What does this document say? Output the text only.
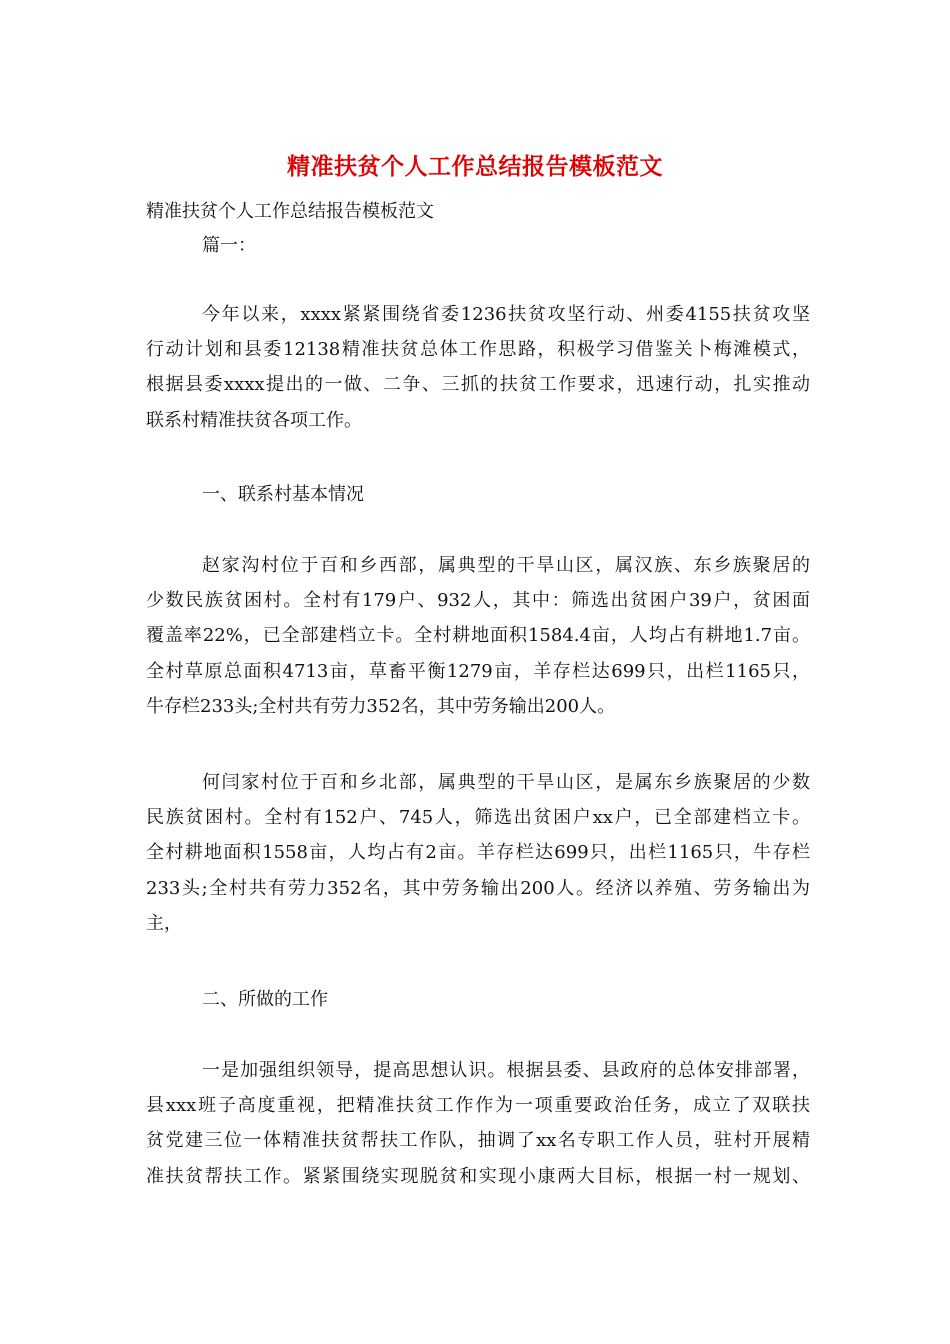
精准扶贫个人工作总结报告模板范文
精准扶贫个人工作总结报告模板范文
篇一：
今年以来，xxxx紧紧围绕省委1236扶贫攻坚行动、州委4155扶贫攻坚
行动计划和县委12138精准扶贫总体工作思路，积极学习借鉴关卜梅滩模式，
根据县委xxxx提出的一做、二争、三抓的扶贫工作要求，迅速行动，扎实推动
联系村精准扶贫各项工作。
一、联系村基本情况
赵家沟村位于百和乡西部，属典型的干旱山区，属汉族、东乡族聚居的
少数民族贫困村。全村有179户、932人，其中：筛选出贫困户39户，贫困面
覆盖率22%，已全部建档立卡。全村耕地面积1584.4亩，人均占有耕地1.7亩。
全村草原总面积4713亩，草畜平衡1279亩，羊存栏达699只，出栏1165只，
牛存栏233头;全村共有劳力352名，其中劳务输出200人。
何闫家村位于百和乡北部，属典型的干旱山区，是属东乡族聚居的少数
民族贫困村。全村有152户、745人，筛选出贫困户xx户，已全部建档立卡。
全村耕地面积1558亩，人均占有2亩。羊存栏达699只，出栏1165只，牛存栏
233头;全村共有劳力352名，其中劳务输出200人。经济以养殖、劳务输出为
主，
二、所做的工作
一是加强组织领导，提高思想认识。根据县委、县政府的总体安排部署，
县xxx班子高度重视，把精准扶贫工作作为一项重要政治任务，成立了双联扶
贫党建三位一体精准扶贫帮扶工作队，抽调了xx名专职工作人员，驻村开展精
准扶贫帮扶工作。紧紧围绕实现脱贫和实现小康两大目标，根据一村一规划、
